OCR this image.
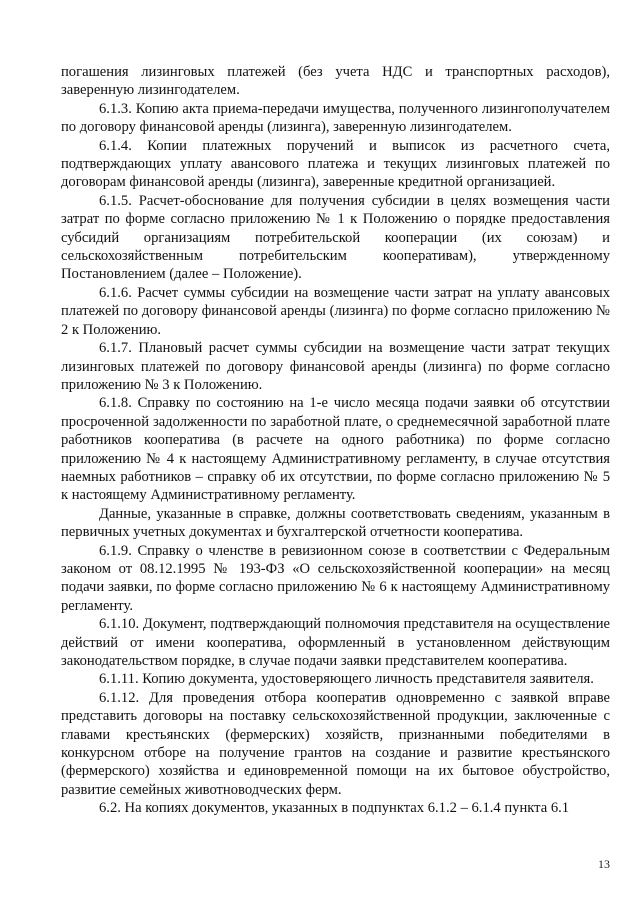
погашения лизинговых платежей (без учета НДС и транспортных расходов), заверенную лизингодателем.

6.1.3. Копию акта приема-передачи имущества, полученного лизингополучателем по договору финансовой аренды (лизинга), заверенную лизингодателем.

6.1.4. Копии платежных поручений и выписок из расчетного счета, подтверждающих уплату авансового платежа и текущих лизинговых платежей по договорам финансовой аренды (лизинга), заверенные кредитной организацией.

6.1.5. Расчет-обоснование для получения субсидии в целях возмещения части затрат по форме согласно приложению № 1 к Положению о порядке предоставления субсидий организациям потребительской кооперации (их союзам) и сельскохозяйственным потребительским кооперативам), утвержденному Постановлением (далее – Положение).

6.1.6. Расчет суммы субсидии на возмещение части затрат на уплату авансовых платежей по договору финансовой аренды (лизинга) по форме согласно приложению № 2 к Положению.

6.1.7. Плановый расчет суммы субсидии на возмещение части затрат текущих лизинговых платежей по договору финансовой аренды (лизинга) по форме согласно приложению № 3 к Положению.

6.1.8. Справку по состоянию на 1-е число месяца подачи заявки об отсутствии просроченной задолженности по заработной плате, о среднемесячной заработной плате работников кооператива (в расчете на одного работника) по форме согласно приложению № 4 к настоящему Административному регламенту, в случае отсутствия наемных работников – справку об их отсутствии, по форме согласно приложению № 5 к настоящему Административному регламенту.

Данные, указанные в справке, должны соответствовать сведениям, указанным в первичных учетных документах и бухгалтерской отчетности кооператива.

6.1.9. Справку о членстве в ревизионном союзе в соответствии с Федеральным законом от 08.12.1995 № 193-ФЗ «О сельскохозяйственной кооперации» на месяц подачи заявки, по форме согласно приложению № 6 к настоящему Административному регламенту.

6.1.10. Документ, подтверждающий полномочия представителя на осуществление действий от имени кооператива, оформленный в установленном действующим законодательством порядке, в случае подачи заявки представителем кооператива.

6.1.11. Копию документа, удостоверяющего личность представителя заявителя.

6.1.12. Для проведения отбора кооператив одновременно с заявкой вправе представить договоры на поставку сельскохозяйственной продукции, заключенные с главами крестьянских (фермерских) хозяйств, признанными победителями в конкурсном отборе на получение грантов на создание и развитие крестьянского (фермерского) хозяйства и единовременной помощи на их бытовое обустройство, развитие семейных животноводческих ферм.

6.2. На копиях документов, указанных в подпунктах 6.1.2 – 6.1.4 пункта 6.1

13
